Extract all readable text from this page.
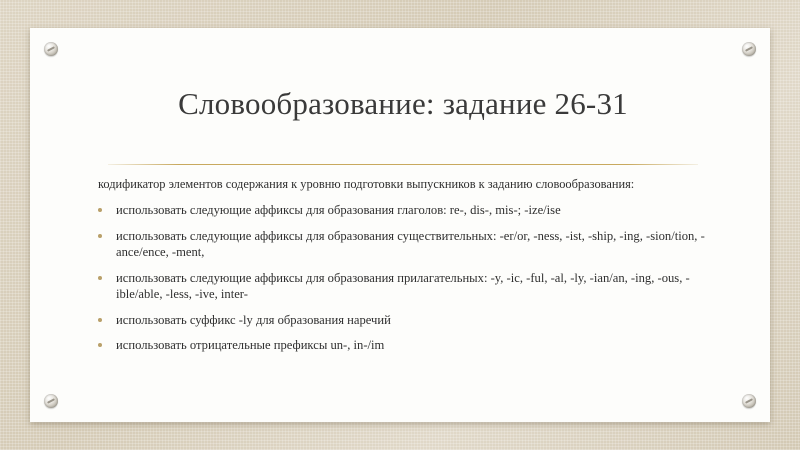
Словообразование: задание 26-31

кодификатор элементов содержания к уровню подготовки выпускников к заданию словообразования:

использовать следующие аффиксы для образования глаголов: re-, dis-, mis-; -ize/ise
использовать следующие аффиксы для образования существительных: -er/or, -ness, -ist, -ship, -ing, -sion/tion, -ance/ence, -ment,
использовать следующие аффиксы для образования прилагательных: -y, -ic, -ful, -al, -ly, -ian/an, -ing, -ous, -ible/able, -less, -ive, inter-
использовать суффикс -ly для образования наречий
использовать отрицательные префиксы un-, in-/im
